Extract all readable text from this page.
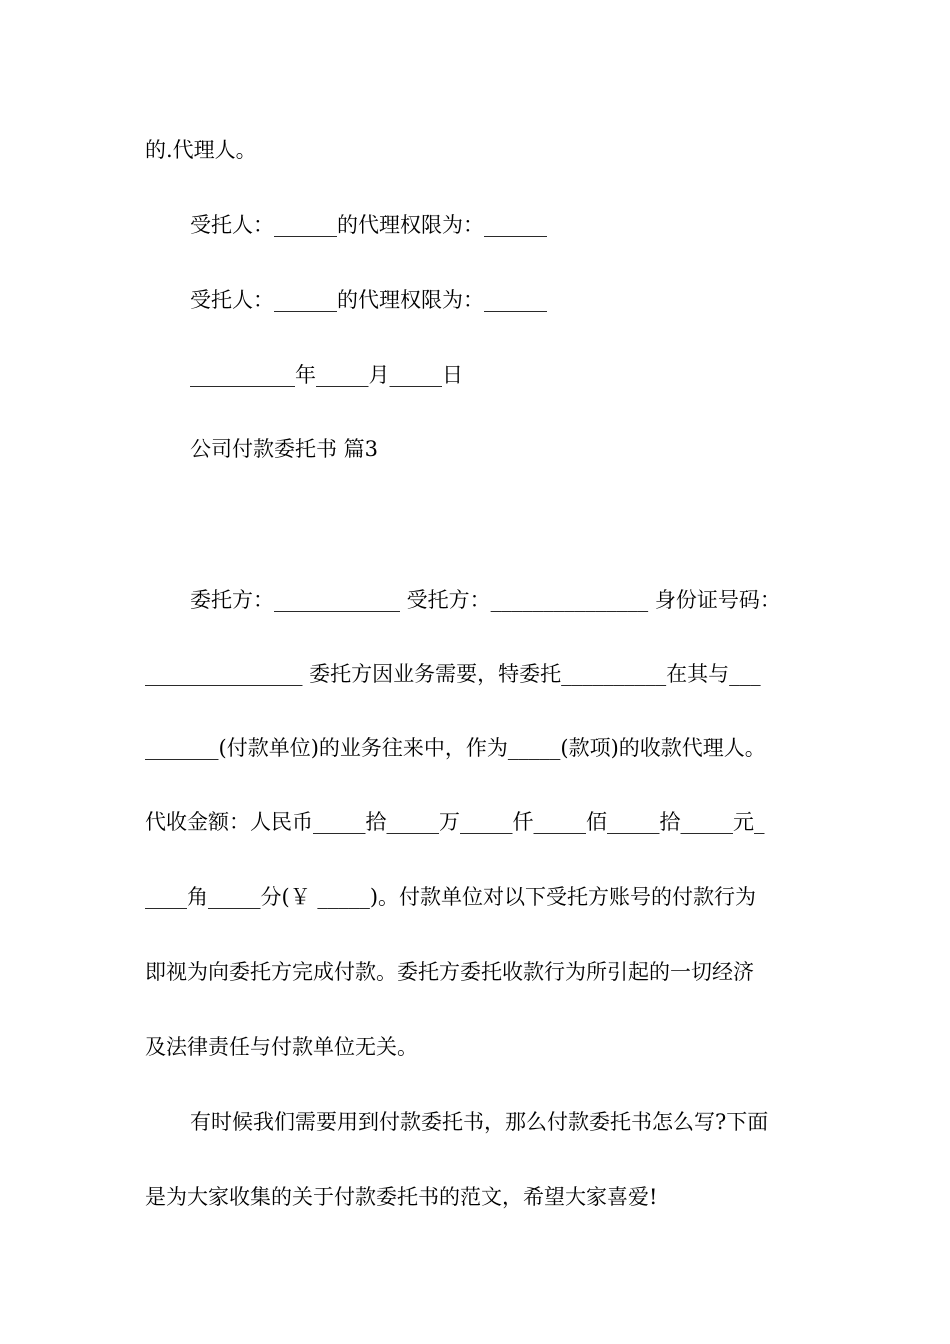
的.代理人。
受托人：______的代理权限为：______
受托人：______的代理权限为：______
__________年_____月_____日
公司付款委托书 篇3
委托方：____________ 受托方：_______________ 身份证号码：
_______________ 委托方因业务需要，特委托__________在其与___
_______(付款单位)的业务往来中，作为_____(款项)的收款代理人。
代收金额：人民币_____拾_____万_____仟_____佰_____拾_____元_
____角_____分(￥ _____)。付款单位对以下受托方账号的付款行为
即视为向委托方完成付款。委托方委托收款行为所引起的一切经济
及法律责任与付款单位无关。
有时候我们需要用到付款委托书，那么付款委托书怎么写?下面
是为大家收集的关于付款委托书的范文，希望大家喜爱!
